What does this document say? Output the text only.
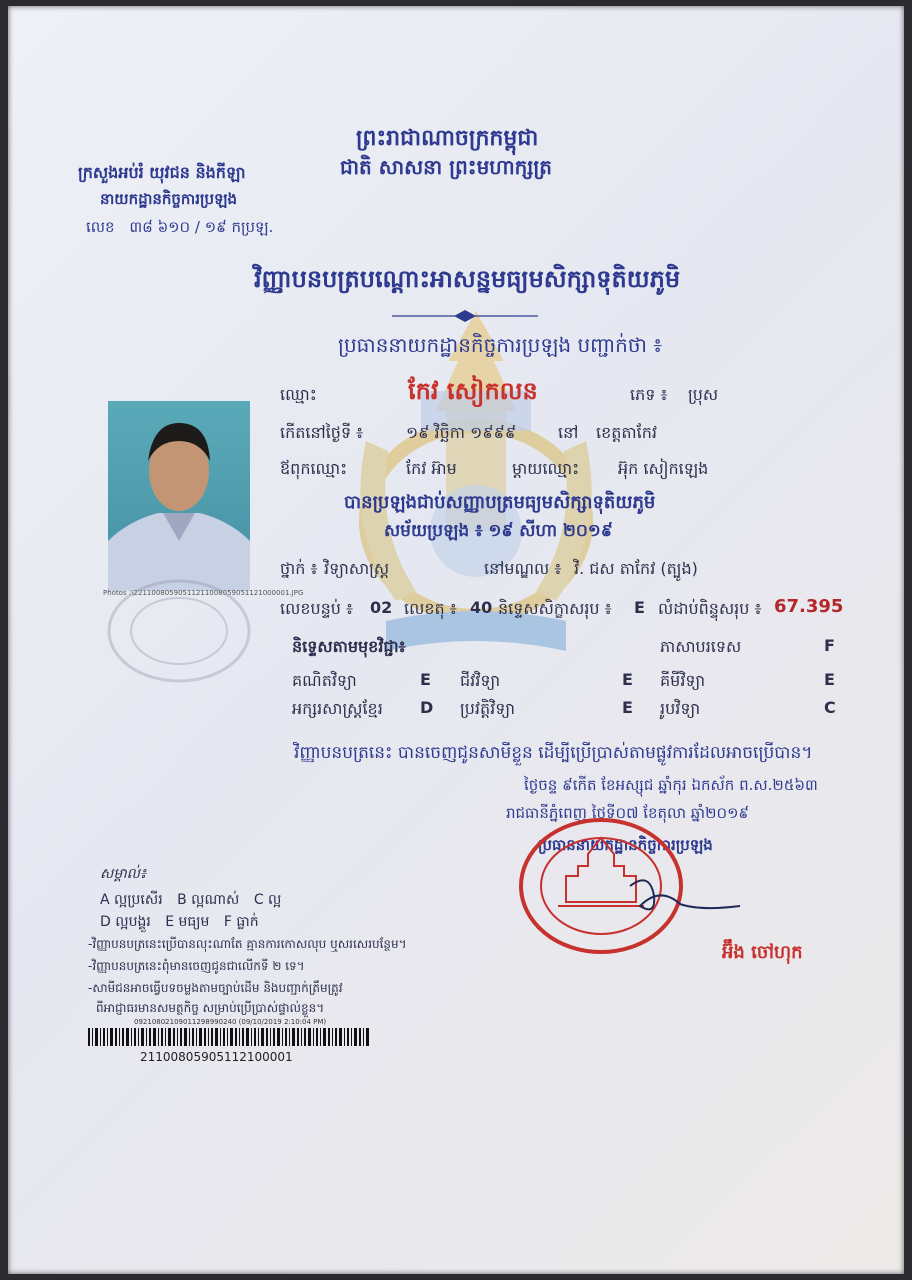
ព្រះរាជាណាចក្រកម្ពុជា
ជាតិ សាសនា ព្រះមហាក្សត្រ
ក្រសួងអប់រំ យុវជន និងកីឡា
នាយកដ្ឋានកិច្ចការប្រឡង
លេខ ៣៨ ៦១០ / ១៩ កប្រឡ.
វិញ្ញាបនបត្របណ្ដោះអាសន្នមធ្យមសិក្សាទុតិយភូមិ
ប្រធាននាយកដ្ឋានកិច្ចការប្រឡង បញ្ជាក់ថា ៖
Photos :\22110080590511211008059051121000001.JPG
ឈ្មោះ	កែវ សៀកលន	ភេទ ៖ ប្រុស
កើតនៅថ្ងៃទី ៖	១៩ វិច្ឆិកា ១៩៩៩	នៅ ខេត្តតាកែវ
ឪពុកឈ្មោះ	កែវ អ៊ាម	ម្ដាយឈ្មោះ អ៊ុក សៀកឡេង
បានប្រឡងជាប់សញ្ញាបត្រមធ្យមសិក្សាទុតិយភូមិ
សម័យប្រឡង ៖ ១៩ សីហា ២០១៩
ថ្នាក់ ៖ វិទ្យាសាស្ត្រ	នៅមណ្ឌល ៖ វិ. ជស តាកែវ (ត្បូង)
លេខបន្ទប់ ៖ 02 លេខតុ ៖ 40 និទ្ទេសសិក្ខាសរុប ៖ E លំដាប់ពិន្ទុសរុប ៖ 67.395
និទ្ទេសតាមមុខវិជ្ជា៖	ភាសាបរទេស	F
គណិតវិទ្យា	E ជីវវិទ្យា	E គីមីវិទ្យា	E
អក្សរសាស្ត្រខ្មែរ D ប្រវត្តិវិទ្យា	E រូបវិទ្យា	C
វិញ្ញាបនបត្រនេះ បានចេញជូនសាមីខ្លួន ដើម្បីប្រើប្រាស់តាមផ្លូវការដែលអាចប្រើបាន។
ថ្ងៃចន្ទ ៩កើត ខែអស្សុជ ឆ្នាំកុរ ឯកស័ក ព.ស.២៥៦៣
រាជធានីភ្នំពេញ ថ្ងៃទី០៧ ខែតុលា ឆ្នាំ២០១៩
ប្រធាននាយកដ្ឋានកិច្ចការប្រឡង
អ៊ឹង ចៅហុក
សម្គាល់៖
A ល្អប្រសើរ B ល្អណាស់ C ល្អ
D ល្អបង្គួរ E មធ្យម F ធ្លាក់
-វិញ្ញាបនបត្រនេះប្រើបានលុះណាតែ គ្មានការកោសលុប ឬសរសេរបន្ថែម។
-វិញ្ញាបនបត្រនេះពុំមានចេញជូនជាលើកទី ២ ទេ។
-សាមីជនអាចធ្វើបទចម្លងតាមច្បាប់ដើម និងបញ្ជាក់ត្រឹមត្រូវ
ពីអាជ្ញាធរមានសមត្ថកិច្ច សម្រាប់ប្រើប្រាស់ផ្ទាល់ខ្លួន។
09210802109011298990240 (09/10/2019 2:10:04 PM)
21100805905112100001
